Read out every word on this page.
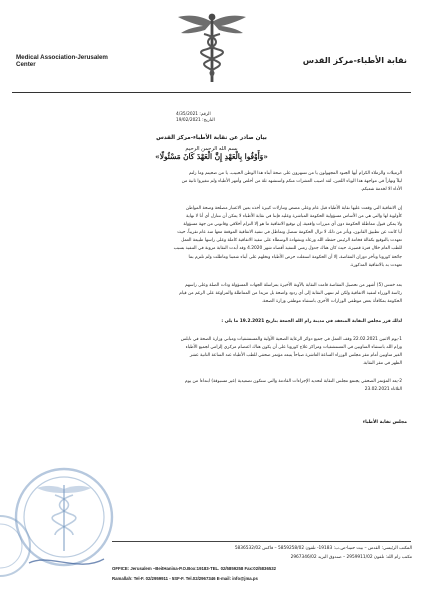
Medical Association-Jerusalem
Center	نقابة الأطباء-مركز القدس
الرقم: 4/35/2021
التاريخ: 19/02/2021
بيان صادر عن نقابة الأطباء-مركز القدس
بسم الله الرحمن الرحيم
«وَأَوْفُوا بِالْعَهْدِ إِنَّ الْعَهْدَ كَانَ مَسْئُولًا»

الزميلات والزملاء الكرام أيها الجنود المجهولون يا من تسهرون على صحة أبناء هذا الوطن الحبيب، يا من ضحيتم وما زلتم

ليلاً ونهاراً في مواجهة هذا الوباء اللعين، لقد اصيب العشرات منكم واستشهد ثلة من أخلص وأمهر الأطباء ولم تتغيروا ثانية من

الأداء الا لخدمة شعبكم.

إن الاتفاقية التي وقعت عليها نقابة الأطباء قبل عام وعلى مضض وتنازلات كبيرة أخذه بعين الاعتبار مصلحة وصحة المواطن

كأولوية لها والتي هي من الأساس مسؤولية الحكومة المباشرة وعليه فإننا في نقابة الأطباء لا يمكن أن نتنازل أي أنا لا نهاية

ولا يمكن قبول مماطلة الحكومة دون أي مبررات واقعية، إن توقيع الاتفاقية ما هو إلا التزام أخلاقي وقانوني من جهة مسؤولة

أيا كانت عن تطبيق القانون، وبأثر من ذلك لا تزال الحكومة تتنصل وتماطل في تنفيذ الاتفاقية الموقعة معها منذ عام تقريباً، حيث

تعهدت بالتوقيع بكفالة فخامة الرئيس حفظه الله ورعاه وبشهادة الوسطاء على تنفيذ الاتفاقية كاملة وعلى راسها طبيعة العمل

للطب العام خلال فترة قصيرة، حيث كان هناك جدول زمني للتنفيذ أقصاه شهر 4.2020 وقد أبدت النقابة مرونة في التنفيذ بسبب

جائحة كورونا وتأخر دوران المقاصة، إلا أن الحكومة استغلت حرص الأطباء وتخلهم على أبناء شعبنا وماطلت ولم تلتزم بما

تعهدت به بالاتفاقية المذكورة.

بعد خمس (5) أشهر من تحصيل المقاصة قامت النقابة بالآونة الأخيرة بمراسلة الجهات المسؤولة وذات الصلة وعلى راسهم

رئاسة الوزراء لتنفيذ الاتفاقية ولكن لم تنتهي النقابة إلى أي ردود واضحة بل مزيدا من المماطلة والمراوغة على الرغم من قيام

الحكومة بمكافأة بعض موظفي الوزارات الأخرى باستثناء موظفي وزارة الصحة.

لذلك قرر مجلس النقابة المنعقد في مدينة رام الله الجمعة بتاريخ 19.2.2021 ما يلي :

1-يوم الاثنين 22.02.2021 وقف العمل في جميع دوائر الرعاية الصحية الأولية والمستشفيات ومباني وزارة الصحة في نابلس

ورام الله باستثناء المناوبين في المستشفيات ومراكز علاج كورونا على أن يكون هناك اعتصام مركزي إلزامي لجميع الأطباء

الغير مناوبين أمام مقر مجلس الوزراء الساعة العاشرة صباحاً يتبعه مؤتمر صحفي للطب الأطباء عند الساعة الثانية عشر

الظهر في مقر النقابة.

2-يعد المؤتمر الصحفي يجتمع مجلس النقابة لتحديد الإجراءات القادمة والتي ستكون تصعيدية (غير مسبوقة) ابتداءا من يوم

الثلاثاء 23.02.2021

مجلس نقابة الأطباء
المكتب الرئيسي: القدس – بيت حنينا-ص.ب: 19183- تلفون 5859258/02 – فاكس 5836532/02
مكتب رام الله: تلفون 2959911/02 – صندوق البريد 2967346/02
OFFICE: Jerusalem –BeitHanina-P.O.Box:19183-TEL. 02/5859258 Fax:02/5836532
Ramallah: Tel-F. 02/2959911 - 5SF-F. Tel.02/2967346 E-mail: info@jma.ps
